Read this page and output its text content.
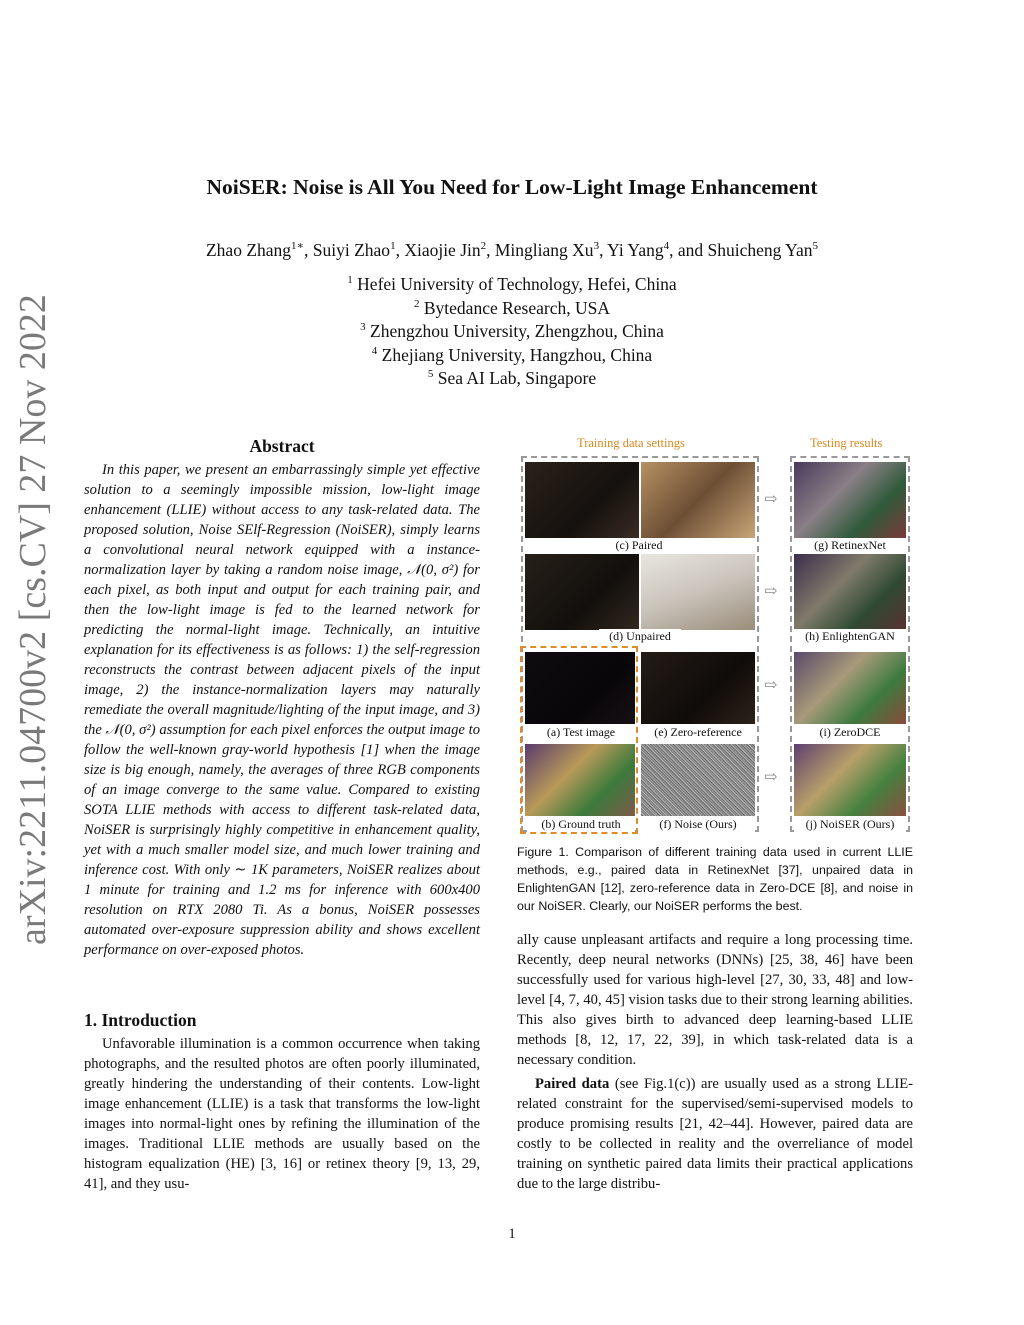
NoiSER: Noise is All You Need for Low-Light Image Enhancement
Zhao Zhang$^{1∗}$, Suiyi Zhao$^1$, Xiaojie Jin$^2$, Mingliang Xu$^3$, Yi Yang$^4$, and Shuicheng Yan$^5$
$^1$ Hefei University of Technology, Hefei, China
$^2$ Bytedance Research, USA
$^3$ Zhengzhou University, Zhengzhou, China
$^4$ Zhejiang University, Hangzhou, China
$^5$ Sea AI Lab, Singapore
arXiv:2211.04700v2 [cs.CV] 27 Nov 2022	Abstract
In this paper, we present an embarrassingly simple yet effective solution to a seemingly impossible mission, low-light image enhancement (LLIE) without access to any task-related data. The proposed solution, Noise SElf-Regression (NoiSER), simply learns a convolutional neural network equipped with a instance-normalization layer by taking a random noise image, 𝒩(0, σ²) for each pixel, as both input and output for each training pair, and then the low-light image is fed to the learned network for predicting the normal-light image. Technically, an intuitive explanation for its effectiveness is as follows: 1) the self-regression reconstructs the contrast between adjacent pixels of the input image, 2) the instance-normalization layers may naturally remediate the overall magnitude/lighting of the input image, and 3) the 𝒩(0, σ²) assumption for each pixel enforces the output image to follow the well-known gray-world hypothesis [1] when the image size is big enough, namely, the averages of three RGB components of an image converge to the same value. Compared to existing SOTA LLIE methods with access to different task-related data, NoiSER is surprisingly highly competitive in enhancement quality, yet with a much smaller model size, and much lower training and inference cost. With only ∼ 1K parameters, NoiSER realizes about 1 minute for training and 1.2 ms for inference with 600x400 resolution on RTX 2080 Ti. As a bonus, NoiSER possesses automated over-exposure suppression ability and shows excellent performance on over-exposed photos.
1. Introduction
Unfavorable illumination is a common occurrence when taking photographs, and the resulted photos are often poorly illuminated, greatly hindering the understanding of their contents. Low-light image enhancement (LLIE) is a task that transforms the low-light images into normal-light ones by refining the illumination of the images. Traditional LLIE methods are usually based on the histogram equalization (HE) [3, 16] or retinex theory [9, 13, 29, 41], and they usu-
ally cause unpleasant artifacts and require a long processing time. Recently, deep neural networks (DNNs) [25, 38, 46] have been successfully used for various high-level [27, 30, 33, 48] and low-level [4, 7, 40, 45] vision tasks due to their strong learning abilities. This also gives birth to advanced deep learning-based LLIE methods [8, 12, 17, 22, 39], in which task-related data is a necessary condition.
Paired data (see Fig.1(c)) are usually used as a strong LLIE-related constraint for the supervised/semi-supervised models to produce promising results [21, 42–44]. However, paired data are costly to be collected in reality and the overreliance of model training on synthetic paired data limits their practical applications due to the large distribu-
Training data settings	Testing results
(c) Paired
(d) Unpaired
(a) Test image	(e) Zero-reference
(b) Ground truth	(f) Noise (Ours)
⇨
⇨
⇨
⇨
(g) RetinexNet
(h) EnlightenGAN
(i) ZeroDCE
(j) NoiSER (Ours)
Figure 1. Comparison of different training data used in current LLIE methods, e.g., paired data in RetinexNet [37], unpaired data in EnlightenGAN [12], zero-reference data in Zero-DCE [8], and noise in our NoiSER. Clearly, our NoiSER performs the best.
1
